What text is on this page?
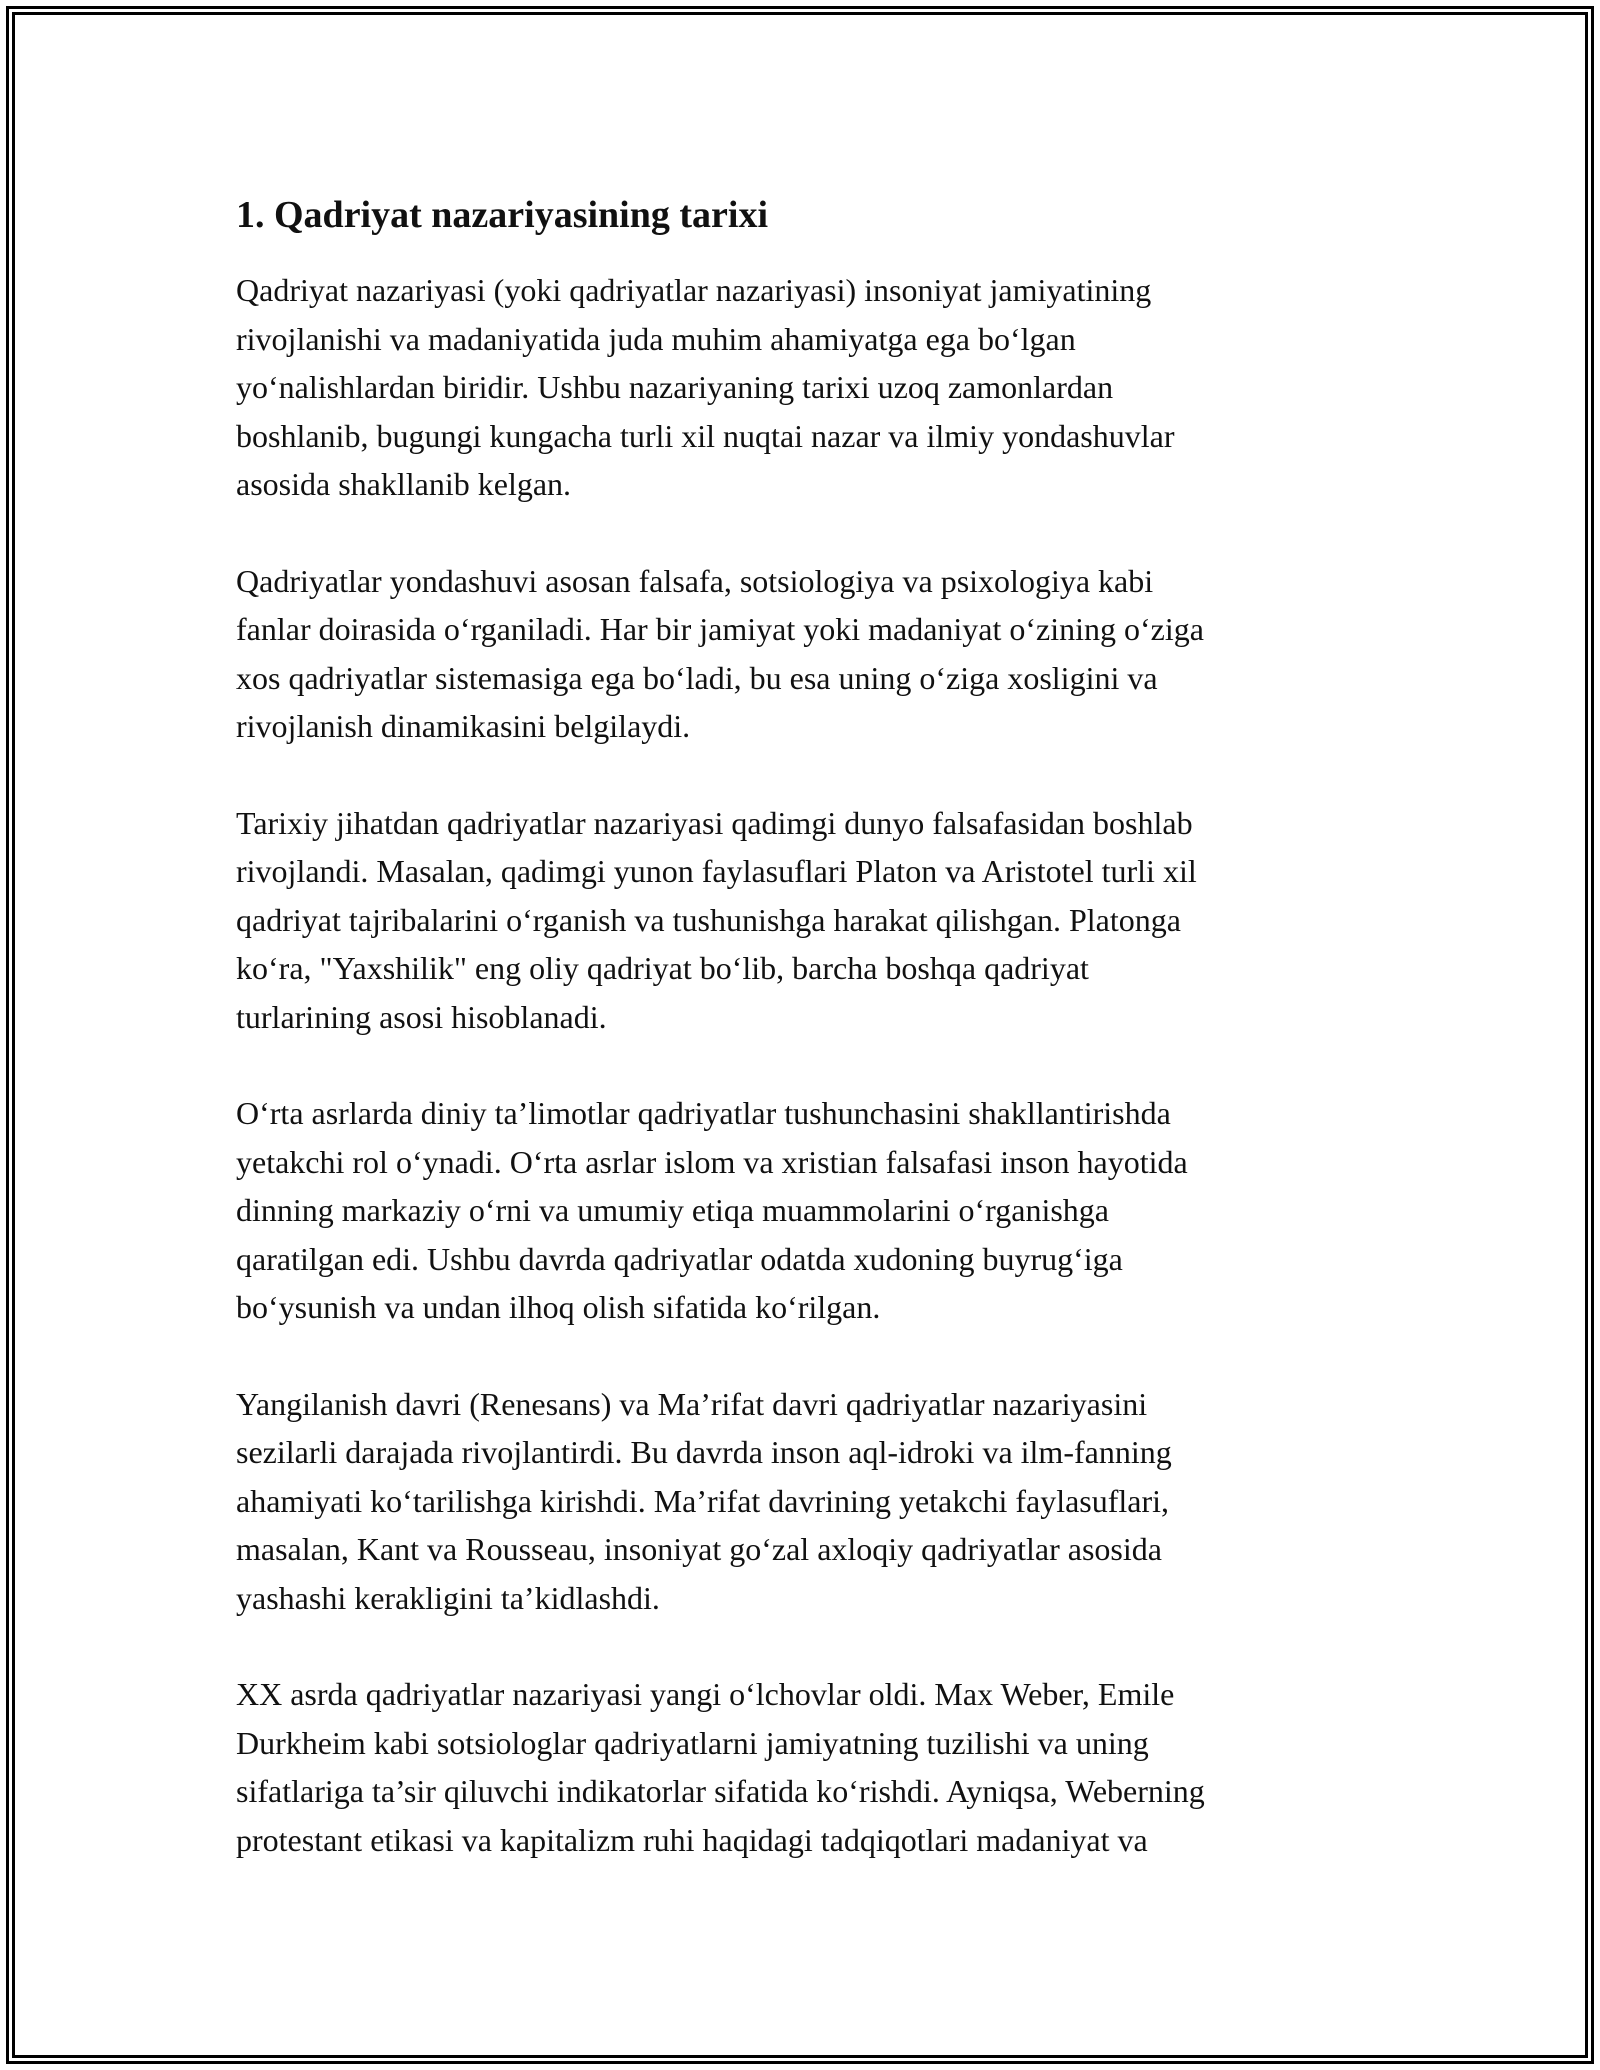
1. Qadriyat nazariyasining tarixi

Qadriyat nazariyasi (yoki qadriyatlar nazariyasi) insoniyat jamiyatining
rivojlanishi va madaniyatida juda muhim ahamiyatga ega bo‘lgan
yo‘nalishlardan biridir. Ushbu nazariyaning tarixi uzoq zamonlardan
boshlanib, bugungi kungacha turli xil nuqtai nazar va ilmiy yondashuvlar
asosida shakllanib kelgan.

Qadriyatlar yondashuvi asosan falsafa, sotsiologiya va psixologiya kabi
fanlar doirasida o‘rganiladi. Har bir jamiyat yoki madaniyat o‘zining o‘ziga
xos qadriyatlar sistemasiga ega bo‘ladi, bu esa uning o‘ziga xosligini va
rivojlanish dinamikasini belgilaydi.

Tarixiy jihatdan qadriyatlar nazariyasi qadimgi dunyo falsafasidan boshlab
rivojlandi. Masalan, qadimgi yunon faylasuflari Platon va Aristotel turli xil
qadriyat tajribalarini o‘rganish va tushunishga harakat qilishgan. Platonga
ko‘ra, "Yaxshilik" eng oliy qadriyat bo‘lib, barcha boshqa qadriyat
turlarining asosi hisoblanadi.

O‘rta asrlarda diniy ta’limotlar qadriyatlar tushunchasini shakllantirishda
yetakchi rol o‘ynadi. O‘rta asrlar islom va xristian falsafasi inson hayotida
dinning markaziy o‘rni va umumiy etiqa muammolarini o‘rganishga
qaratilgan edi. Ushbu davrda qadriyatlar odatda xudoning buyrug‘iga
bo‘ysunish va undan ilhoq olish sifatida ko‘rilgan.

Yangilanish davri (Renesans) va Ma’rifat davri qadriyatlar nazariyasini
sezilarli darajada rivojlantirdi. Bu davrda inson aql-idroki va ilm-fanning
ahamiyati ko‘tarilishga kirishdi. Ma’rifat davrining yetakchi faylasuflari,
masalan, Kant va Rousseau, insoniyat go‘zal axloqiy qadriyatlar asosida
yashashi kerakligini ta’kidlashdi.

XX asrda qadriyatlar nazariyasi yangi o‘lchovlar oldi. Max Weber, Emile
Durkheim kabi sotsiologlar qadriyatlarni jamiyatning tuzilishi va uning
sifatlariga ta’sir qiluvchi indikatorlar sifatida ko‘rishdi. Ayniqsa, Weberning
protestant etikasi va kapitalizm ruhi haqidagi tadqiqotlari madaniyat va
